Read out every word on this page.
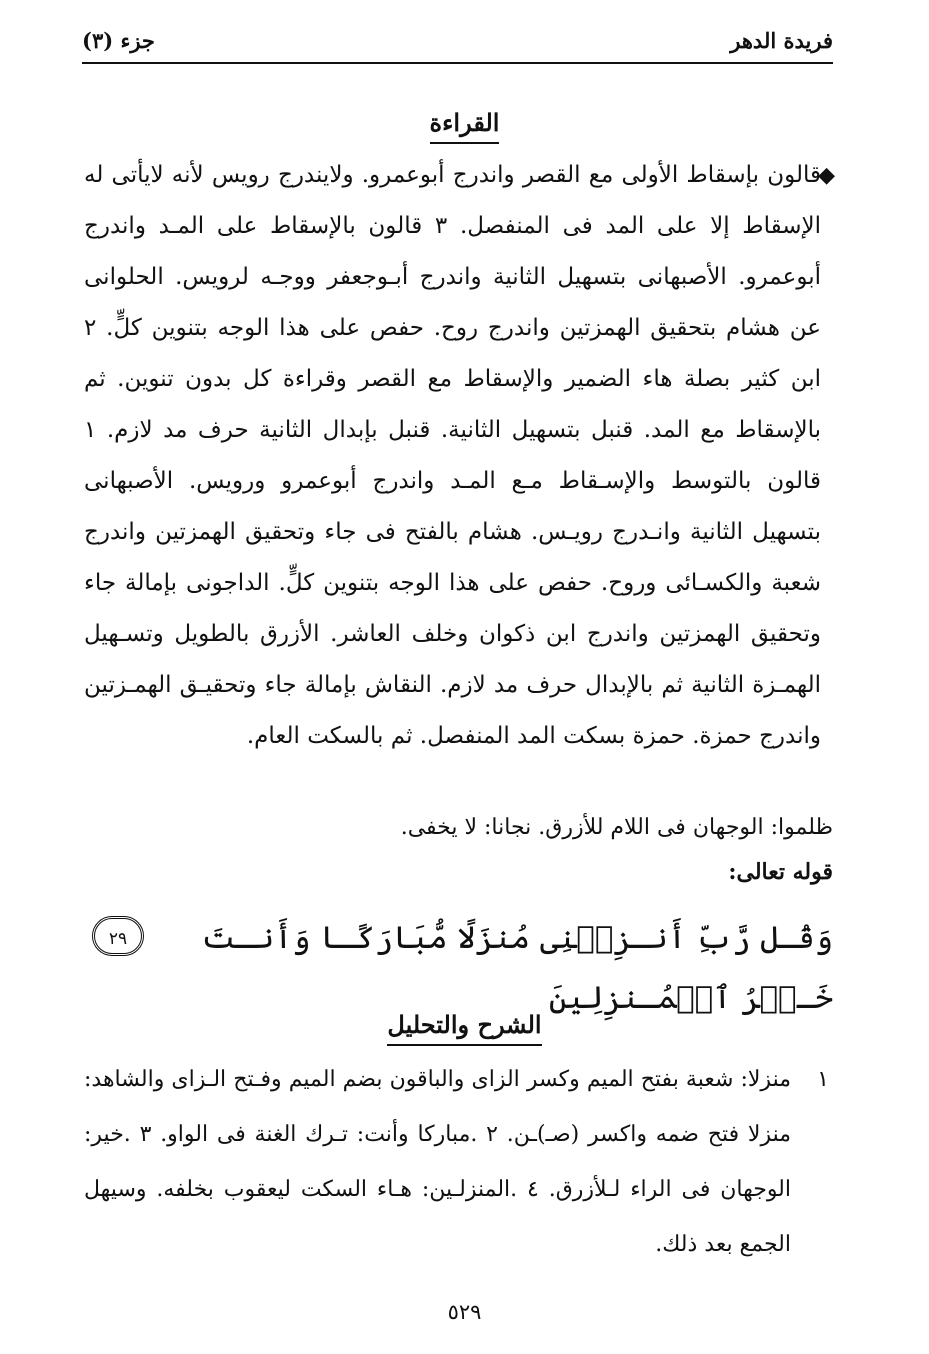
فريدة الدهر
جزء (٣)
القراءة
◆
قالون بإسقاط الأولى مع القصر واندرج أبوعمرو. ولايندرج رويس لأنه لايأتى له الإسقاط إلا على المد فى المنفصل. ٣ قالون بالإسقاط على المـد واندرج أبوعمرو. الأصبهانى بتسهيل الثانية واندرج أبـوجعفر ووجـه لرويس. الحلوانى عن هشام بتحقيق الهمزتين واندرج روح. حفص على هذا الوجه بتنوين كلٍّ. ٢ ابن كثير بصلة هاء الضمير والإسقاط مع القصر وقراءة كل بدون تنوين. ثم بالإسقاط مع المد. قنبل بتسهيل الثانية. قنبل بإبدال الثانية حرف مد لازم. ١ قالون بالتوسط والإسـقاط مـع المـد واندرج أبوعمرو ورويس. الأصبهانى بتسهيل الثانية وانـدرج رويـس. هشام بالفتح فى جاء وتحقيق الهمزتين واندرج شعبة والكسـائى وروح. حفص على هذا الوجه بتنوين كلٍّ. الداجونى بإمالة جاء وتحقيق الهمزتين واندرج ابن ذكوان وخلف العاشر. الأزرق بالطويل وتسـهيل الهمـزة الثانية ثم بالإبدال حرف مد لازم. النقاش بإمالة جاء وتحقيـق الهمـزتين واندرج حمزة. حمزة بسكت المد المنفصل. ثم بالسكت العام.
ظلموا: الوجهان فى اللام للأزرق. نجانا: لا يخفى.
قوله تعالى:
وَقُـل رَّبِّ أَنـزِلۡنِى مُنزَلًا مُّبَارَكًـا وَأَنـتَ خَـيۡرُ ٱلۡمُـنزِلِينَ
٢٩
الشرح والتحليل
١
منزلا: شعبة بفتح الميم وكسر الزاى والباقون بضم الميم وفـتح الـزاى والشاهد: منزلا فتح ضمه واكسر (صـ)ـن. ٢ .مباركا وأنت: تـرك الغنة فى الواو. ٣ .خير: الوجهان فى الراء لـلأزرق. ٤ .المنزلـين: هـاء السكت ليعقوب بخلفه. وسيهل الجمع بعد ذلك.
٥٢٩
